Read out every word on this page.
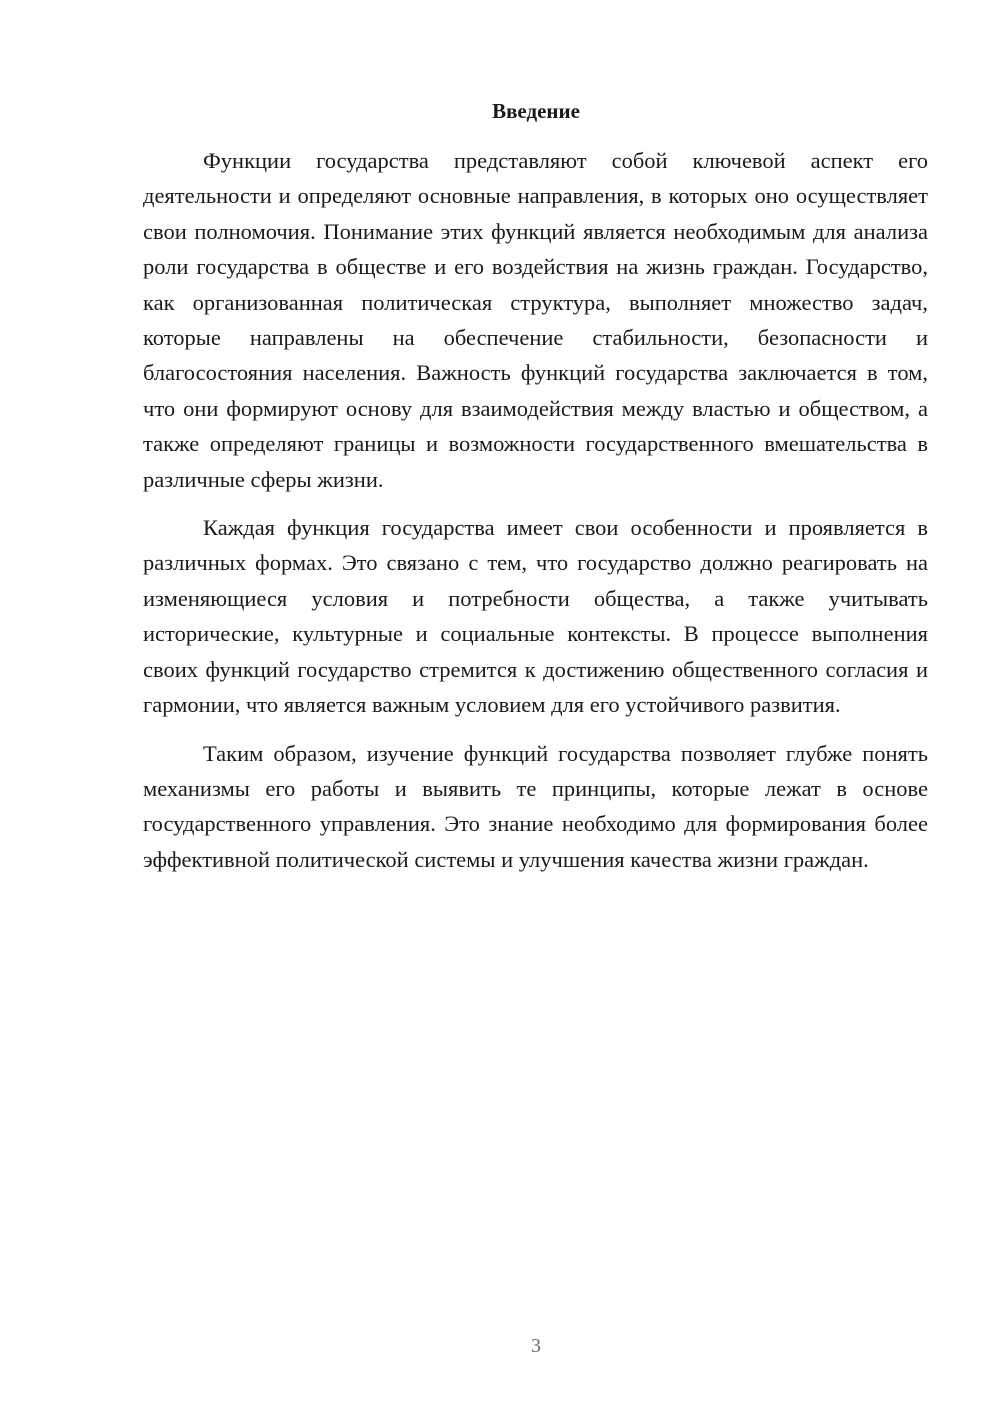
Введение

Функции государства представляют собой ключевой аспект его деятельности и определяют основные направления, в которых оно осуществляет свои полномочия. Понимание этих функций является необходимым для анализа роли государства в обществе и его воздействия на жизнь граждан. Государство, как организованная политическая структура, выполняет множество задач, которые направлены на обеспечение стабильности, безопасности и благосостояния населения. Важность функций государства заключается в том, что они формируют основу для взаимодействия между властью и обществом, а также определяют границы и возможности государственного вмешательства в различные сферы жизни.

Каждая функция государства имеет свои особенности и проявляется в различных формах. Это связано с тем, что государство должно реагировать на изменяющиеся условия и потребности общества, а также учитывать исторические, культурные и социальные контексты. В процессе выполнения своих функций государство стремится к достижению общественного согласия и гармонии, что является важным условием для его устойчивого развития.

Таким образом, изучение функций государства позволяет глубже понять механизмы его работы и выявить те принципы, которые лежат в основе государственного управления. Это знание необходимо для формирования более эффективной политической системы и улучшения качества жизни граждан.

3
